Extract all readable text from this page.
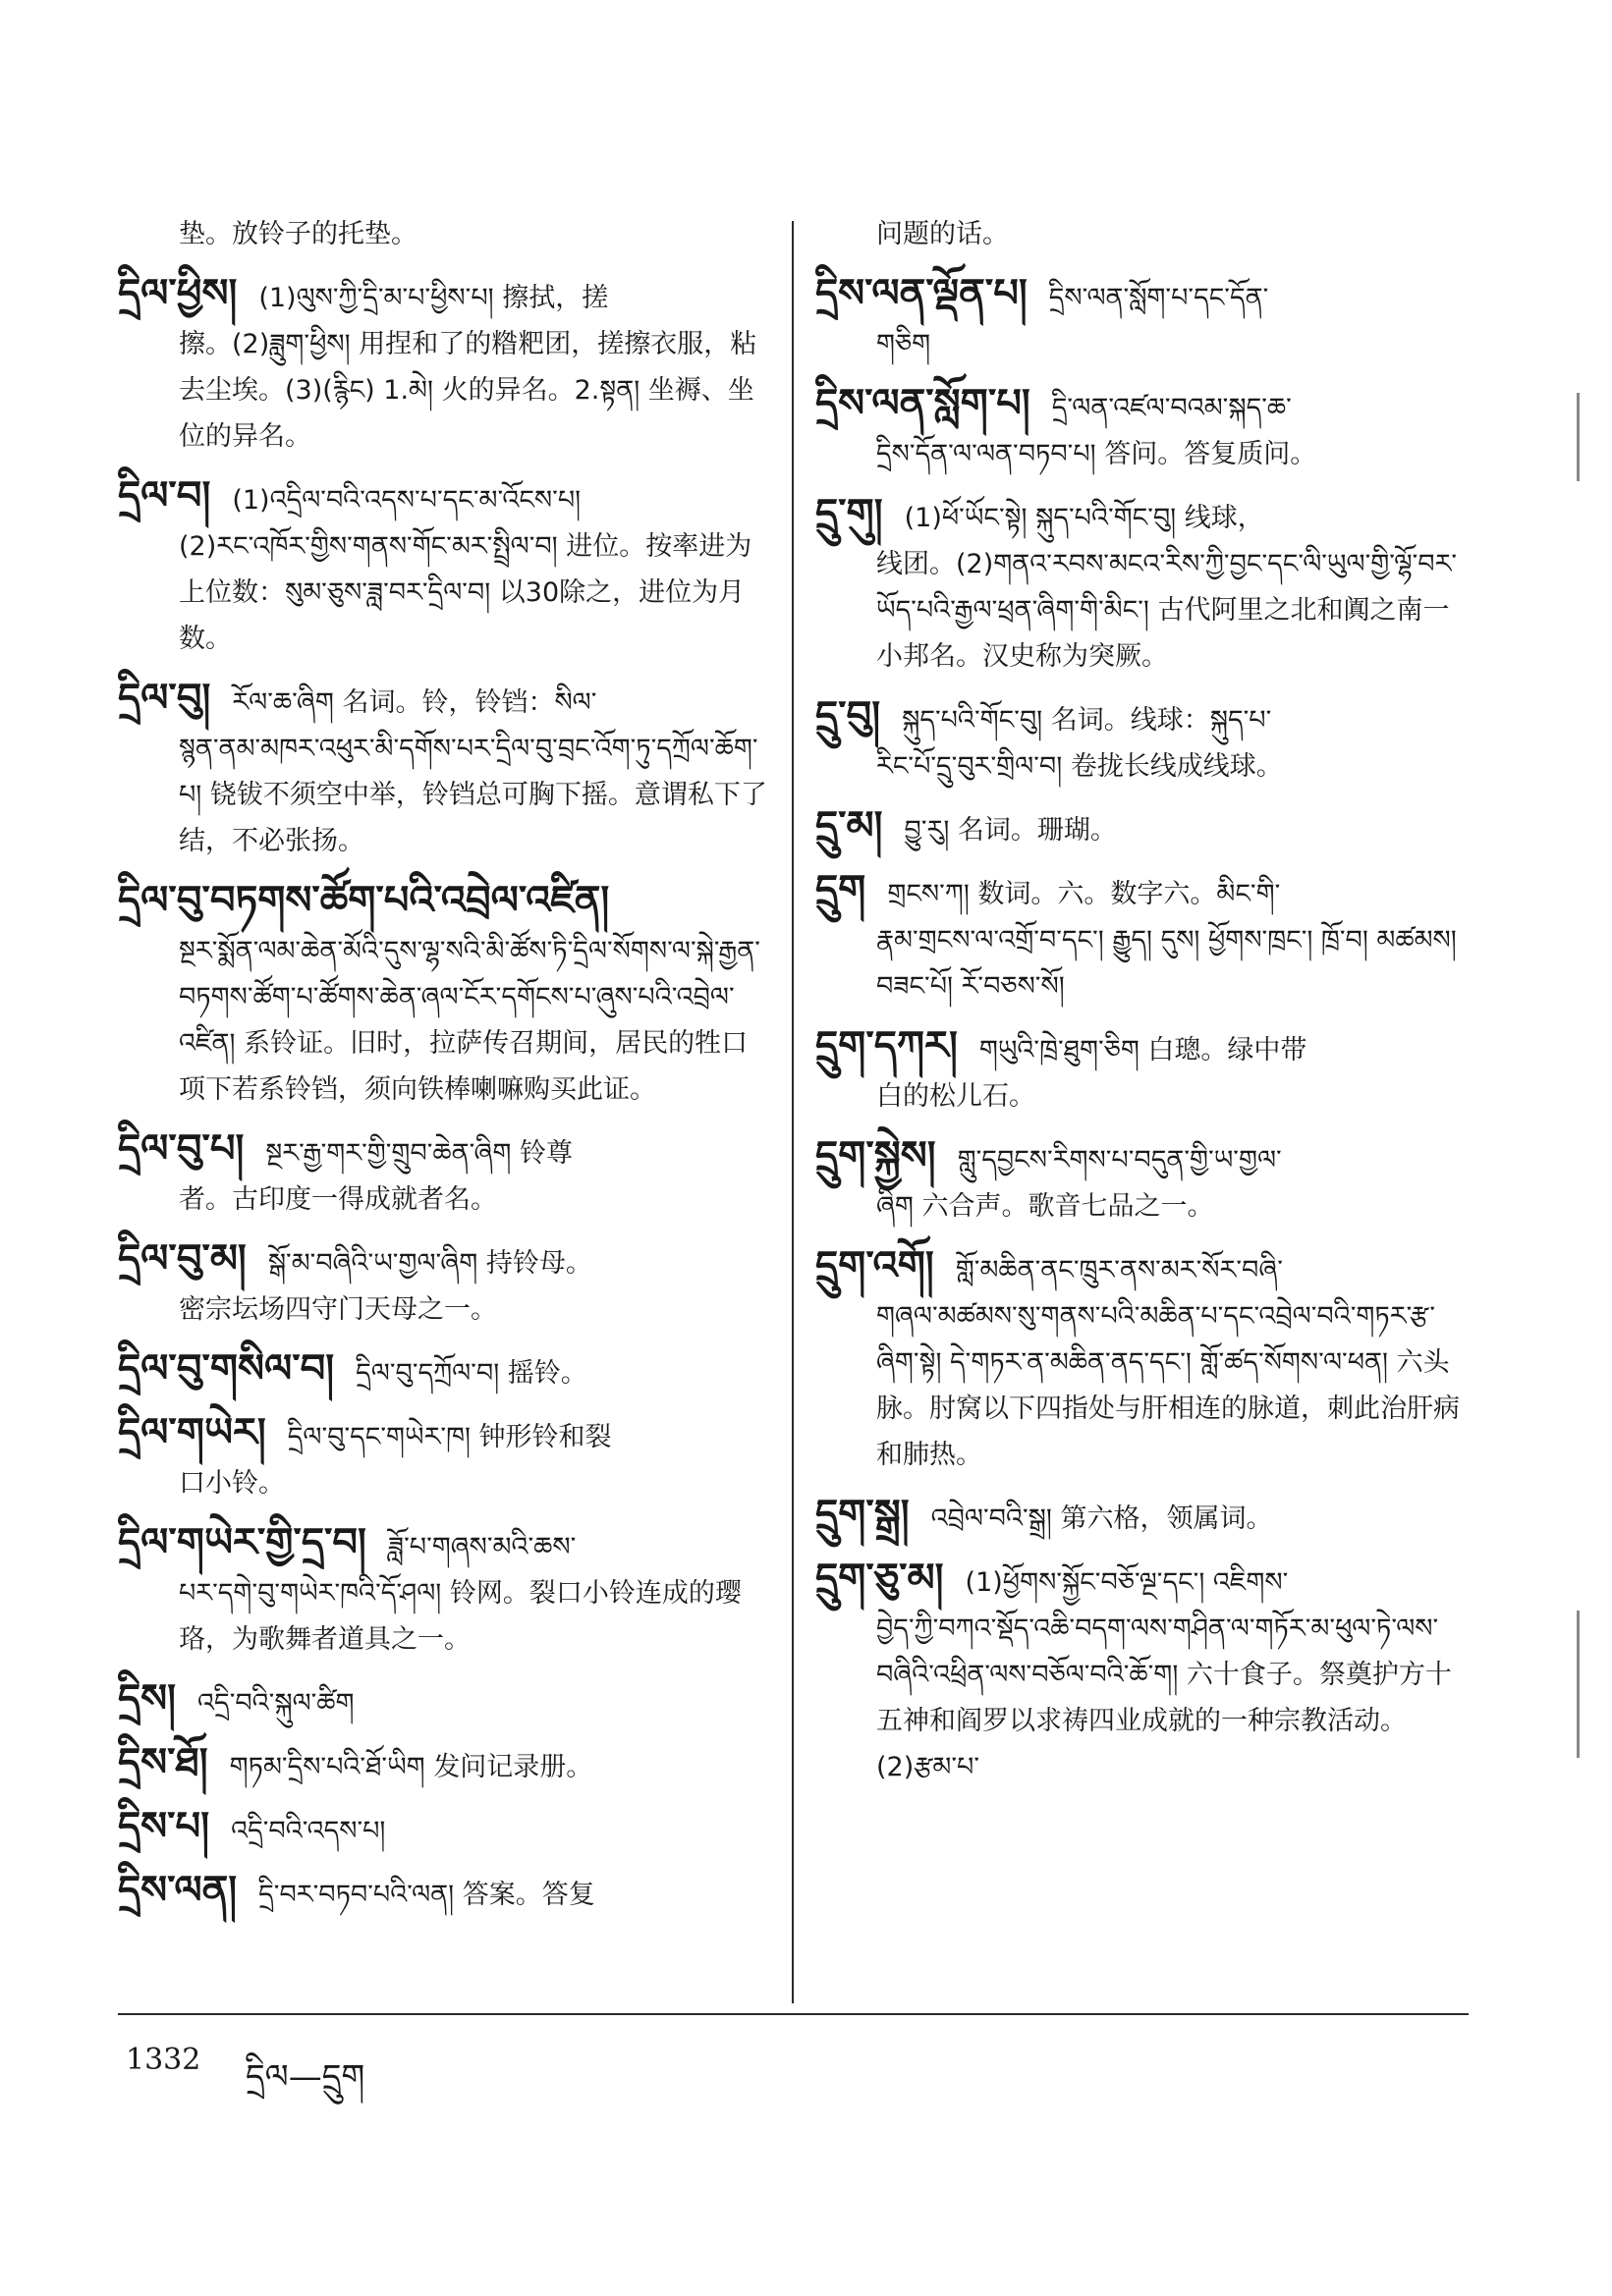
垫。放铃子的托垫。
དྲིལ་ཕྱིས། (1)ལུས་ཀྱི་དྲི་མ་པ་ཕྱིས་པ། 擦拭，搓
擦。(2)ཟླུག་ཕྱིས། 用捏和了的糌粑团，搓擦衣服，粘去尘埃。(3)(རྙིང) 1.མེ། 火的异名。2.སྟན། 坐褥、坐位的异名。
དྲིལ་བ། (1)འདྲིལ་བའི་འདས་པ་དང་མ་འོངས་པ།
(2)རང་འཁོར་གྱིས་གནས་གོང་མར་སྤྲིལ་བ། 进位。按率进为上位数：སུམ་ཅུས་ཟླ་བར་དྲིལ་བ། 以30除之，进位为月数。
དྲིལ་བུ། རོལ་ཆ་ཞིག 名词。铃，铃铛：སིལ་
སྙན་ནམ་མཁར་འཕུར་མི་དགོས་པར་དྲིལ་བུ་བྲང་འོག་ཏུ་དཀྲོལ་ཆོག་པ། 铙钹不须空中举，铃铛总可胸下摇。意谓私下了结，不必张扬。
དྲིལ་བུ་བཏགས་ཚོག་པའི་འབྲེལ་འཛིན།
སྔར་སྨོན་ལམ་ཆེན་མོའི་དུས་ལྷ་སའི་མི་ཚོས་ཏི་དྲིལ་སོགས་ལ་སྐེ་རྒྱན་བཏགས་ཚོག་པ་ཚོགས་ཆེན་ཞལ་ངོར་དགོངས་པ་ཞུས་པའི་འབྲེལ་འཛིན། 系铃证。旧时，拉萨传召期间，居民的牲口项下若系铃铛，须向铁棒喇嘛购买此证。
དྲིལ་བུ་པ། སྔར་རྒྱ་གར་གྱི་གྲུབ་ཆེན་ཞིག 铃尊
者。古印度一得成就者名。
དྲིལ་བུ་མ། སྒོ་མ་བཞིའི་ཡ་གྱལ་ཞིག 持铃母。
密宗坛场四守门天母之一。
དྲིལ་བུ་གསིལ་བ། དྲིལ་བུ་དཀྲོལ་བ། 摇铃。
དྲིལ་གཡེར། དྲིལ་བུ་དང་གཡེར་ཁ། 钟形铃和裂
口小铃。
དྲིལ་གཡེར་གྱི་དྲ་བ། ཟློ་པ་གཞས་མའི་ཆས་
པར་དགེ་བུ་གཡེར་ཁའི་དོ་ཤལ། 铃网。裂口小铃连成的璎珞，为歌舞者道具之一。
དྲིས། འདྲི་བའི་སྐུལ་ཚིག
དྲིས་ཐོ། གཏམ་དྲིས་པའི་ཐོ་ཡིག 发问记录册。
དྲིས་པ། འདྲི་བའི་འདས་པ།
དྲིས་ལན། དྲི་བར་བཏབ་པའི་ལན། 答案。答复
问题的话。
དྲིས་ལན་ལྡོན་པ། དྲིས་ལན་སློག་པ་དང་དོན་
གཅིག
དྲིས་ལན་སློག་པ། དྲི་ལན་འཛལ་བའམ་སྐད་ཆ་
དྲིས་དོན་ལ་ལན་བཏབ་པ། 答问。答复质问。
དྲུ་གུ། (1)ཕོ་ཡོང་སྟེ། སྐུད་པའི་གོང་བུ། 线球，
线团。(2)གནའ་རབས་མངའ་རིས་ཀྱི་བྱང་དང་ལི་ཡུལ་གྱི་ལྷོ་བར་ཡོད་པའི་རྒྱལ་ཕྲན་ཞིག་གི་མིང་། 古代阿里之北和阗之南一小邦名。汉史称为突厥。
དྲུ་བུ། སྐུད་པའི་གོང་བུ། 名词。线球：སྐུད་པ་
རིང་པོ་དྲུ་བུར་གྲིལ་བ། 卷拢长线成线球。
དྲུ་མ། བྱུ་རུ། 名词。珊瑚。
དྲུག གྲངས་ཀ། 数词。六。数字六。མིང་གི་
རྣམ་གྲངས་ལ་འགྲོ་བ་དང་། རྒྱུད། དུས། ཕྱོགས་ཁྲང་། ཁྲོ་བ། མཚམས། བཟང་པོ། རོ་བཅས་སོ།
དྲུག་དཀར། གཡུའི་ཁྲེ་ཐུག་ཅིག 白璁。绿中带
白的松儿石。
དྲུག་སྐྱེས། གླུ་དབྱངས་རིགས་པ་བདུན་གྱི་ཡ་གྱལ་
ཞིག 六合声。歌音七品之一。
དྲུག་འགོ། གློ་མཆིན་ནང་ཁྲུར་ནས་མར་སོར་བཞི་
གཞལ་མཚམས་སུ་གནས་པའི་མཆིན་པ་དང་འབྲེལ་བའི་གཏར་རྩ་ཞིག་སྟེ། དེ་གཏར་ན་མཆིན་ནད་དང་། གློ་ཚད་སོགས་ལ་ཕན། 六头脉。肘窝以下四指处与肝相连的脉道，刺此治肝病和肺热。
དྲུག་སྒྲ། འབྲེལ་བའི་སྒྲ། 第六格，领属词。
དྲུག་ཅུ་མ། (1)ཕྱོགས་སྐྱོང་བཅོ་ལྔ་དང་། འཇིགས་
བྱེད་ཀྱི་བཀའ་སྡོད་འཆི་བདག་ལས་གཤིན་ལ་གཏོར་མ་ཕུལ་ཏེ་ལས་བཞིའི་འཕྲིན་ལས་བཅོལ་བའི་ཆོ་ག། 六十食子。祭奠护方十五神和阎罗以求祷四业成就的一种宗教活动。(2)རྩམ་པ་
1332 དྲིལ—དྲུག
